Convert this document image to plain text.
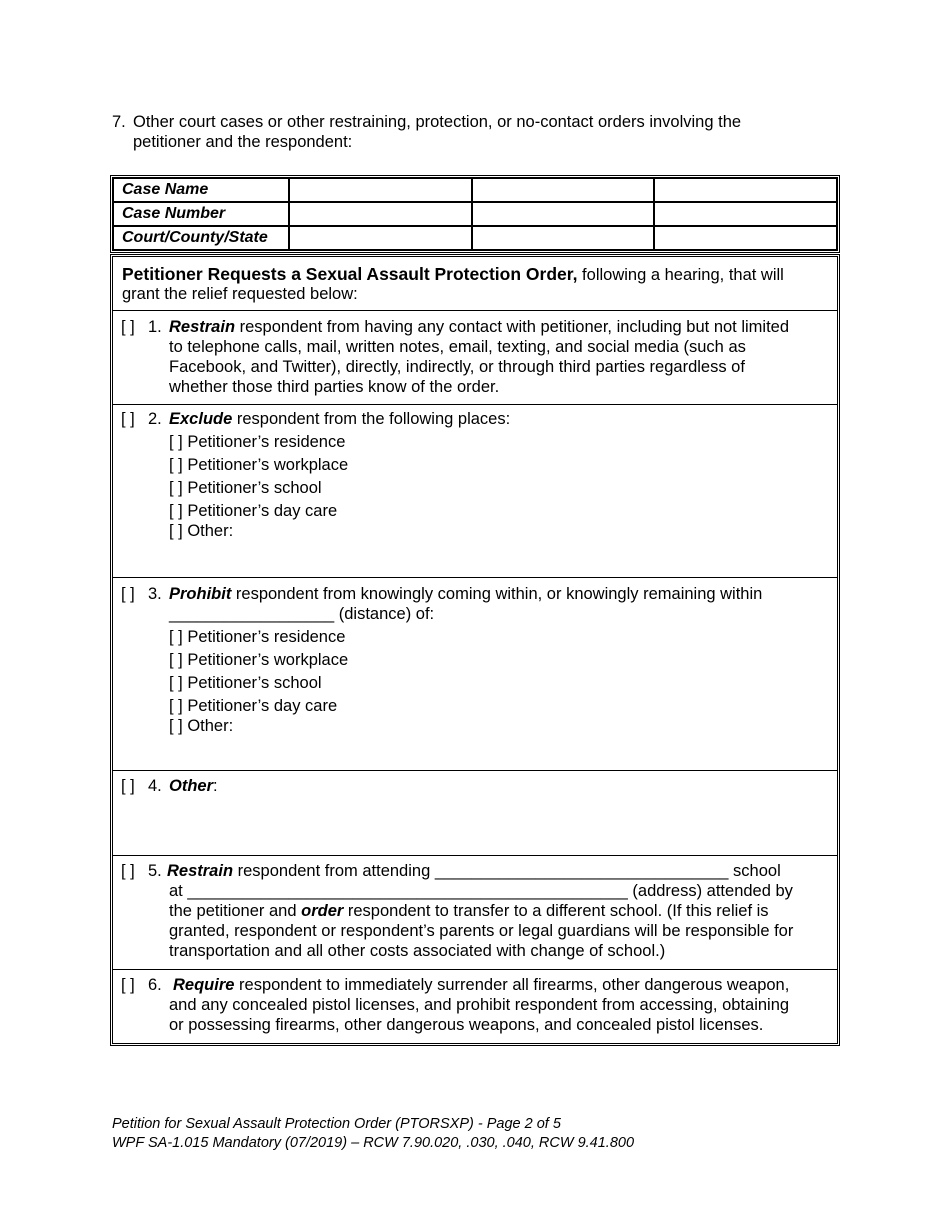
7. Other court cases or other restraining, protection, or no-contact orders involving the
petitioner and the respondent:
Case Name			
Case Number			
Court/County/State			
Petitioner Requests a Sexual Assault Protection Order, following a hearing, that will
grant the relief requested below:
[ ] 1. Restrain respondent from having any contact with petitioner, including but not limited
to telephone calls, mail, written notes, email, texting, and social media (such as
Facebook, and Twitter), directly, indirectly, or through third parties regardless of
whether those third parties know of the order.
[ ] 2. Exclude respondent from the following places:
[ ] Petitioner’s residence
[ ] Petitioner’s workplace
[ ] Petitioner’s school
[ ] Petitioner’s day care
[ ] Other:
[ ] 3. Prohibit respondent from knowingly coming within, or knowingly remaining within
__________________ (distance) of:
[ ] Petitioner’s residence
[ ] Petitioner’s workplace
[ ] Petitioner’s school
[ ] Petitioner’s day care
[ ] Other:
[ ] 4. Other:
[ ] 5. Restrain respondent from attending ________________________________ school
at ________________________________________________ (address) attended by
the petitioner and order respondent to transfer to a different school. (If this relief is
granted, respondent or respondent’s parents or legal guardians will be responsible for
transportation and all other costs associated with change of school.)
[ ] 6. Require respondent to immediately surrender all firearms, other dangerous weapon,
and any concealed pistol licenses, and prohibit respondent from accessing, obtaining
or possessing firearms, other dangerous weapons, and concealed pistol licenses.
Petition for Sexual Assault Protection Order (PTORSXP) - Page 2 of 5
WPF SA-1.015 Mandatory (07/2019) – RCW 7.90.020, .030, .040, RCW 9.41.800
